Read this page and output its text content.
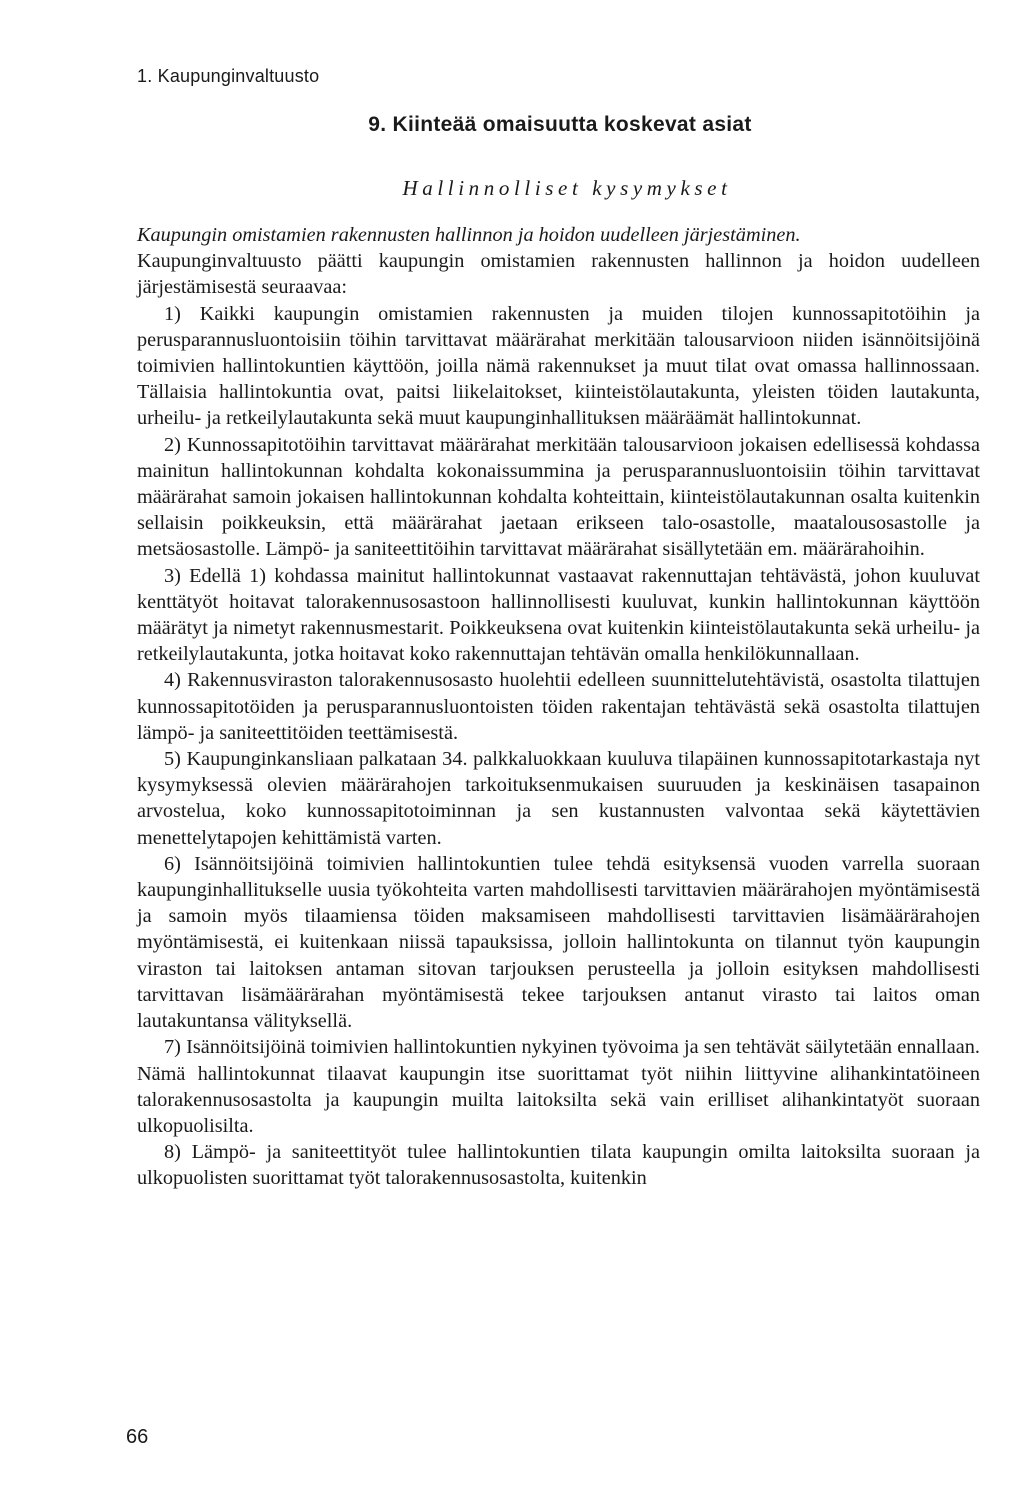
1. Kaupunginvaltuusto
9. Kiinteää omaisuutta koskevat asiat
Hallinnolliset kysymykset
Kaupungin omistamien rakennusten hallinnon ja hoidon uudelleen järjestäminen.

Kaupunginvaltuusto päätti kaupungin omistamien rakennusten hallinnon ja hoidon uudelleen järjestämisestä seuraavaa:

1) Kaikki kaupungin omistamien rakennusten ja muiden tilojen kunnossapitotöihin ja perusparannusluontoisiin töihin tarvittavat määrärahat merkitään talousarvioon niiden isännöitsijöinä toimivien hallintokuntien käyttöön, joilla nämä rakennukset ja muut tilat ovat omassa hallinnossaan. Tällaisia hallintokuntia ovat, paitsi liikelaitokset, kiinteistölautakunta, yleisten töiden lautakunta, urheilu- ja retkeilylautakunta sekä muut kaupunginhallituksen määräämät hallintokunnat.

2) Kunnossapitotöihin tarvittavat määrärahat merkitään talousarvioon jokaisen edellisessä kohdassa mainitun hallintokunnan kohdalta kokonaissummina ja perusparannusluontoisiin töihin tarvittavat määrärahat samoin jokaisen hallintokunnan kohdalta kohteittain, kiinteistölautakunnan osalta kuitenkin sellaisin poikkeuksin, että määrärahat jaetaan erikseen talo-osastolle, maatalousosastolle ja metsäosastolle. Lämpö- ja saniteettitöihin tarvittavat määrärahat sisällytetään em. määrärahoihin.

3) Edellä 1) kohdassa mainitut hallintokunnat vastaavat rakennuttajan tehtävästä, johon kuuluvat kenttätyöt hoitavat talorakennusosastoon hallinnollisesti kuuluvat, kunkin hallintokunnan käyttöön määrätyt ja nimetyt rakennusmestarit. Poikkeuksena ovat kuitenkin kiinteistölautakunta sekä urheilu- ja retkeilylautakunta, jotka hoitavat koko rakennuttajan tehtävän omalla henkilökunnallaan.

4) Rakennusviraston talorakennusosasto huolehtii edelleen suunnittelutehtävistä, osastolta tilattujen kunnossapitotöiden ja perusparannusluontoisten töiden rakentajan tehtävästä sekä osastolta tilattujen lämpö- ja saniteettitöiden teettämisestä.

5) Kaupunginkansliaan palkataan 34. palkkaluokkaan kuuluva tilapäinen kunnossapitotarkastaja nyt kysymyksessä olevien määrärahojen tarkoituksenmukaisen suuruuden ja keskinäisen tasapainon arvostelua, koko kunnossapitotoiminnan ja sen kustannusten valvontaa sekä käytettävien menettelytapojen kehittämistä varten.

6) Isännöitsijöinä toimivien hallintokuntien tulee tehdä esityksensä vuoden varrella suoraan kaupunginhallitukselle uusia työkohteita varten mahdollisesti tarvittavien määrärahojen myöntämisestä ja samoin myös tilaamiensa töiden maksamiseen mahdollisesti tarvittavien lisämäärärahojen myöntämisestä, ei kuitenkaan niissä tapauksissa, jolloin hallintokunta on tilannut työn kaupungin viraston tai laitoksen antaman sitovan tarjouksen perusteella ja jolloin esityksen mahdollisesti tarvittavan lisämäärärahan myöntämisestä tekee tarjouksen antanut virasto tai laitos oman lautakuntansa välityksellä.

7) Isännöitsijöinä toimivien hallintokuntien nykyinen työvoima ja sen tehtävät säilytetään ennallaan. Nämä hallintokunnat tilaavat kaupungin itse suorittamat työt niihin liittyvine alihankintatöineen talorakennusosastolta ja kaupungin muilta laitoksilta sekä vain erilliset alihankintatyöt suoraan ulkopuolisilta.

8) Lämpö- ja saniteettityöt tulee hallintokuntien tilata kaupungin omilta laitoksilta suoraan ja ulkopuolisten suorittamat työt talorakennusosastolta, kuitenkin

66
